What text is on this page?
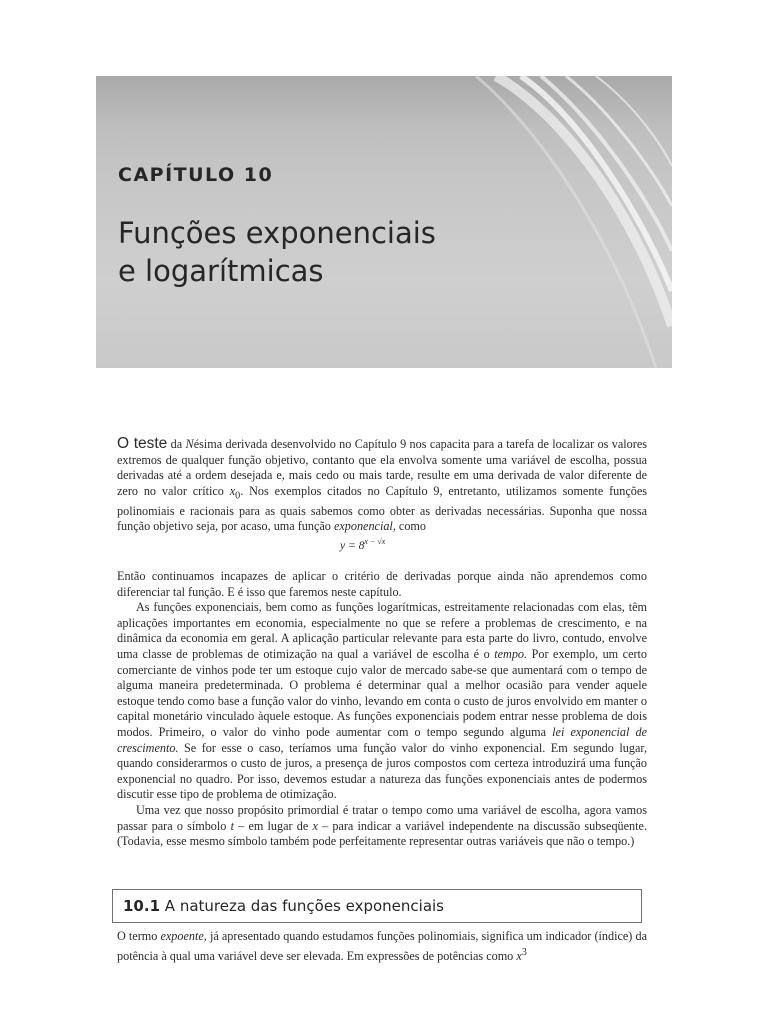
CAPÍTULO 10
Funções exponenciais
e logarítmicas

O teste da Nésima derivada desenvolvido no Capítulo 9 nos capacita para a tarefa de localizar os valores extremos de qualquer função objetivo, contanto que ela envolva somente uma variável de escolha, possua derivadas até a ordem desejada e, mais cedo ou mais tarde, resulte em uma derivada de valor diferente de zero no valor crítico $x_0$. Nos exemplos citados no Capítulo 9, entretanto, utilizamos somente funções polinomiais e racionais para as quais sabemos como obter as derivadas necessárias. Suponha que nossa função objetivo seja, por acaso, uma função exponencial, como

$y = 8^{x - √x}$

Então continuamos incapazes de aplicar o critério de derivadas porque ainda não aprendemos como diferenciar tal função. E é isso que faremos neste capítulo.

As funções exponenciais, bem como as funções logarítmicas, estreitamente relacionadas com elas, têm aplicações importantes em economia, especialmente no que se refere a problemas de crescimento, e na dinâmica da economia em geral. A aplicação particular relevante para esta parte do livro, contudo, envolve uma classe de problemas de otimização na qual a variável de escolha é o tempo. Por exemplo, um certo comerciante de vinhos pode ter um estoque cujo valor de mercado sabe-se que aumentará com o tempo de alguma maneira predeterminada. O problema é determinar qual a melhor ocasião para vender aquele estoque tendo como base a função valor do vinho, levando em conta o custo de juros envolvido em manter o capital monetário vinculado àquele estoque. As funções exponenciais podem entrar nesse problema de dois modos. Primeiro, o valor do vinho pode aumentar com o tempo segundo alguma lei exponencial de crescimento. Se for esse o caso, teríamos uma função valor do vinho exponencial. Em segundo lugar, quando considerarmos o custo de juros, a presença de juros compostos com certeza introduzirá uma função exponencial no quadro. Por isso, devemos estudar a natureza das funções exponenciais antes de podermos discutir esse tipo de problema de otimização.

Uma vez que nosso propósito primordial é tratar o tempo como uma variável de escolha, agora vamos passar para o símbolo t – em lugar de x – para indicar a variável independente na discussão subseqüente. (Todavia, esse mesmo símbolo também pode perfeitamente representar outras variáveis que não o tempo.)

10.1 A natureza das funções exponenciais

O termo expoente, já apresentado quando estudamos funções polinomiais, significa um indicador (índice) da potência à qual uma variável deve ser elevada. Em expressões de potências como $x^3$
